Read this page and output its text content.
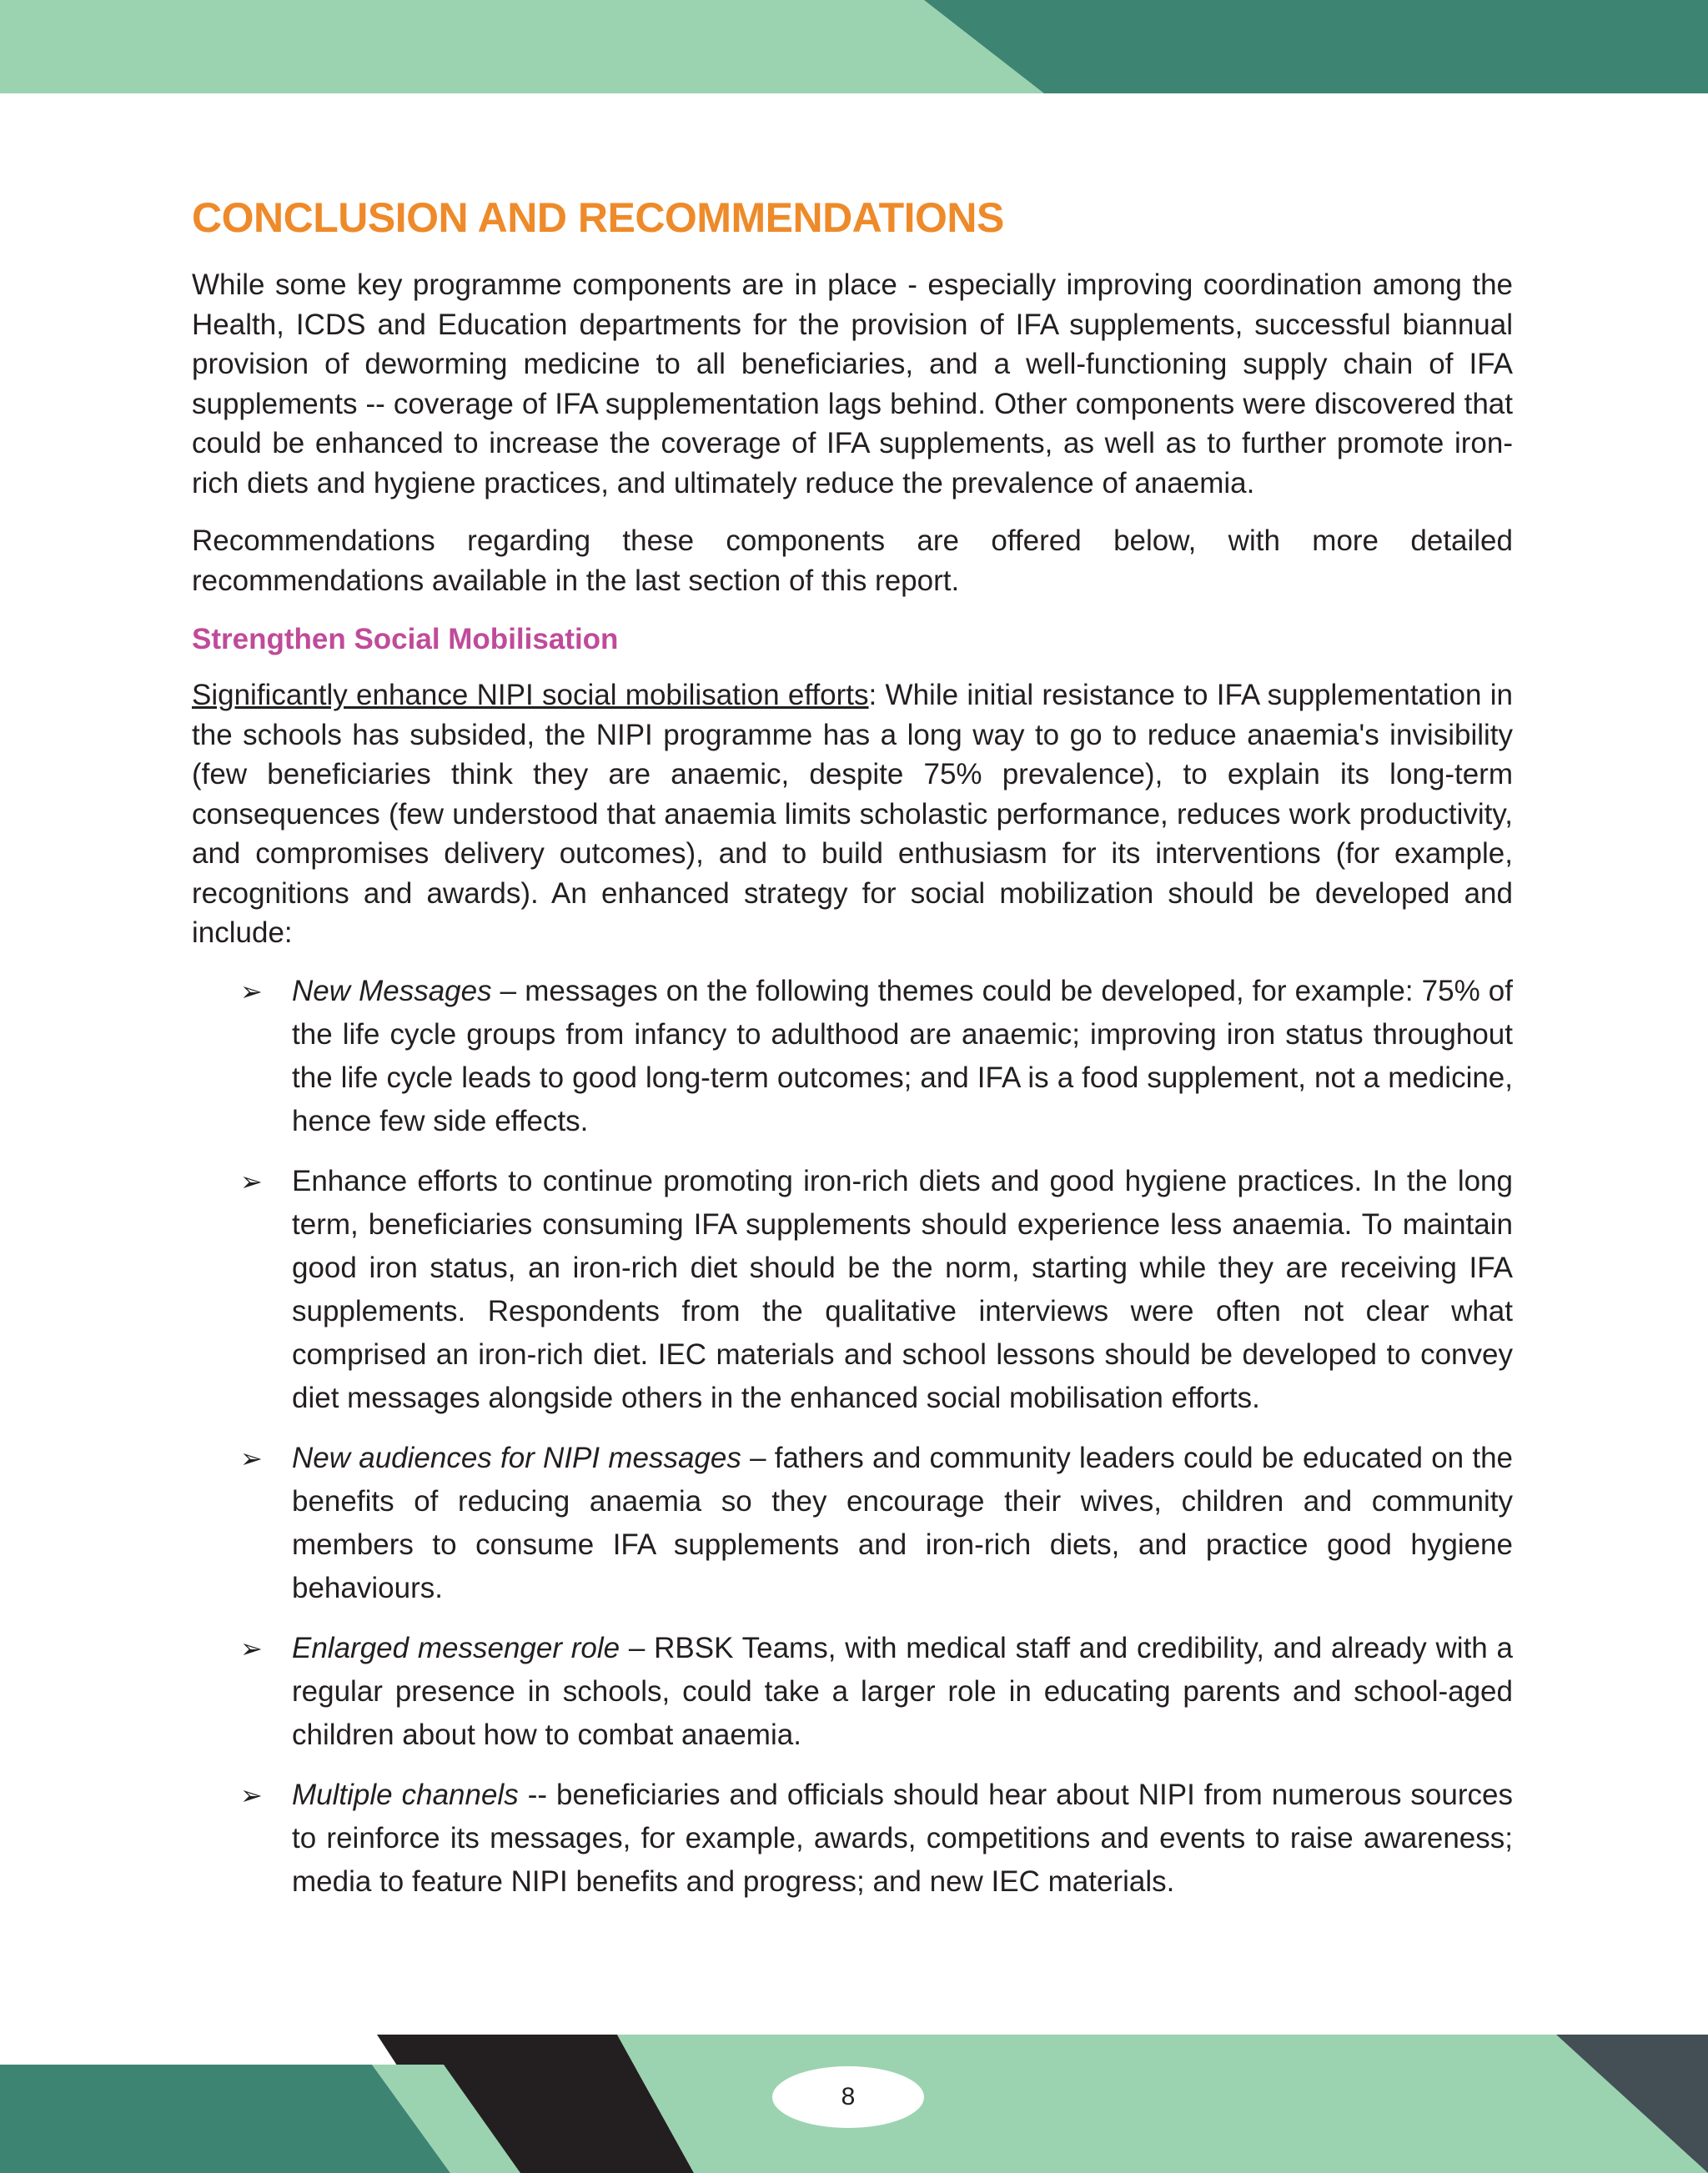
CONCLUSION AND RECOMMENDATIONS

While some key programme components are in place - especially improving coordination among the Health, ICDS and Education departments for the provision of IFA supplements, successful biannual provision of deworming medicine to all beneficiaries, and a well-functioning supply chain of IFA supplements -- coverage of IFA supplementation lags behind. Other components were discovered that could be enhanced to increase the coverage of IFA supplements, as well as to further promote iron-rich diets and hygiene practices, and ultimately reduce the prevalence of anaemia.

Recommendations regarding these components are offered below, with more detailed recommendations available in the last section of this report.

Strengthen Social Mobilisation

Significantly enhance NIPI social mobilisation efforts: While initial resistance to IFA supplementation in the schools has subsided, the NIPI programme has a long way to go to reduce anaemia's invisibility (few beneficiaries think they are anaemic, despite 75% prevalence), to explain its long-term consequences (few understood that anaemia limits scholastic performance, reduces work productivity, and compromises delivery outcomes), and to build enthusiasm for its interventions (for example, recognitions and awards). An enhanced strategy for social mobilization should be developed and include:

➢ New Messages – messages on the following themes could be developed, for example: 75% of the life cycle groups from infancy to adulthood are anaemic; improving iron status throughout the life cycle leads to good long-term outcomes; and IFA is a food supplement, not a medicine, hence few side effects.
➢ Enhance efforts to continue promoting iron-rich diets and good hygiene practices. In the long term, beneficiaries consuming IFA supplements should experience less anaemia. To maintain good iron status, an iron-rich diet should be the norm, starting while they are receiving IFA supplements. Respondents from the qualitative interviews were often not clear what comprised an iron-rich diet. IEC materials and school lessons should be developed to convey diet messages alongside others in the enhanced social mobilisation efforts.
➢ New audiences for NIPI messages – fathers and community leaders could be educated on the benefits of reducing anaemia so they encourage their wives, children and community members to consume IFA supplements and iron-rich diets, and practice good hygiene behaviours.
➢ Enlarged messenger role – RBSK Teams, with medical staff and credibility, and already with a regular presence in schools, could take a larger role in educating parents and school-aged children about how to combat anaemia.
➢ Multiple channels -- beneficiaries and officials should hear about NIPI from numerous sources to reinforce its messages, for example, awards, competitions and events to raise awareness; media to feature NIPI benefits and progress; and new IEC materials.
8
